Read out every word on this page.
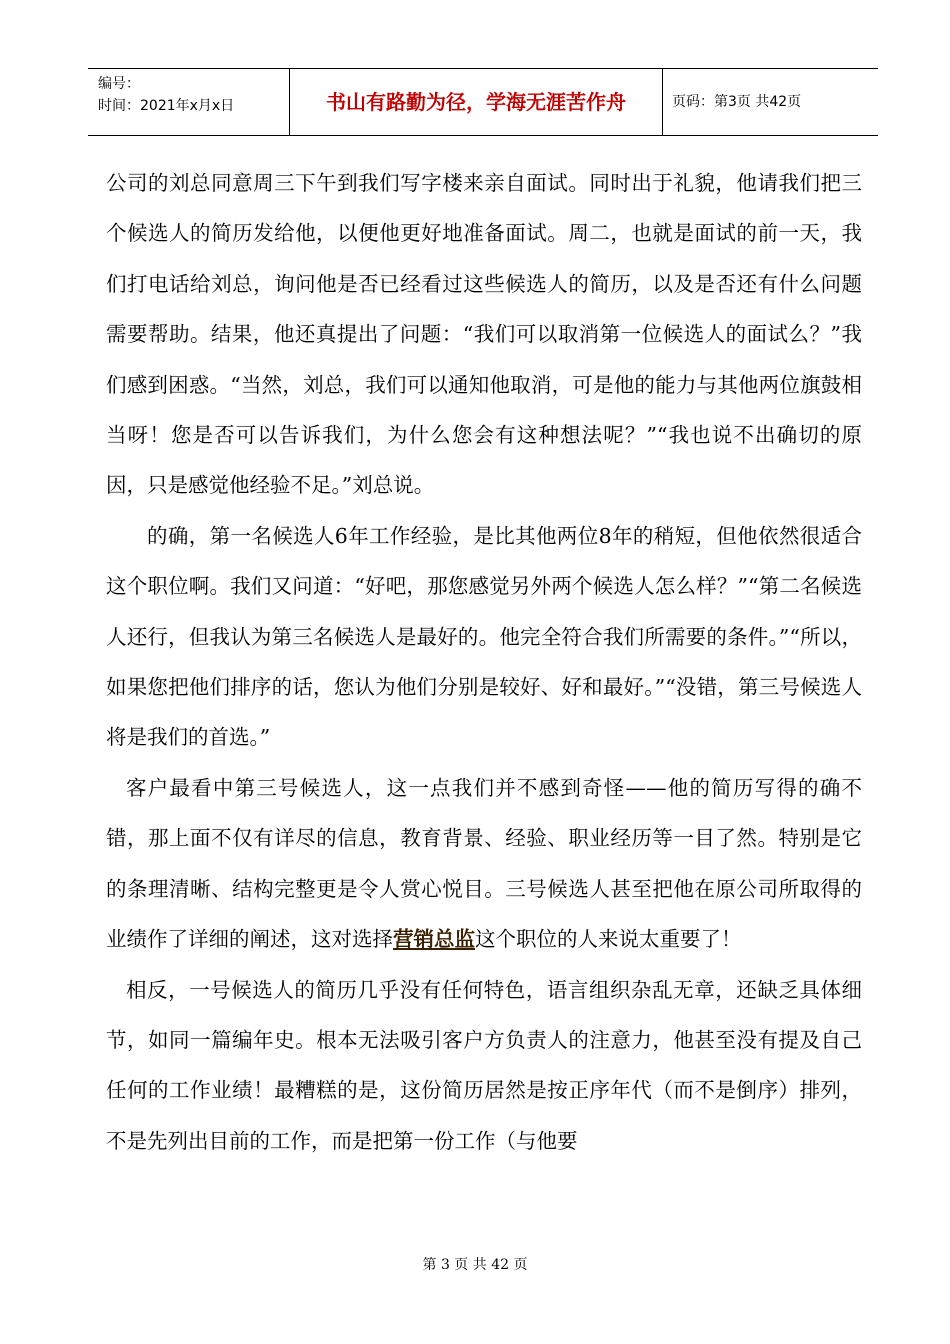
编号：
时间：2021年x月x日	书山有路勤为径，学海无涯苦作舟	页码：第3页 共42页

公司的刘总同意周三下午到我们写字楼来亲自面试。同时出于礼貌，他请我们把三个候选人的简历发给他，以便他更好地准备面试。周二，也就是面试的前一天，我们打电话给刘总，询问他是否已经看过这些候选人的简历，以及是否还有什么问题需要帮助。结果，他还真提出了问题：“我们可以取消第一位候选人的面试么？”我们感到困惑。“当然，刘总，我们可以通知他取消，可是他的能力与其他两位旗鼓相当呀！您是否可以告诉我们，为什么您会有这种想法呢？”“我也说不出确切的原因，只是感觉他经验不足。”刘总说。

的确，第一名候选人6年工作经验，是比其他两位8年的稍短，但他依然很适合这个职位啊。我们又问道：“好吧，那您感觉另外两个候选人怎么样？”“第二名候选人还行，但我认为第三名候选人是最好的。他完全符合我们所需要的条件。”“所以，如果您把他们排序的话，您认为他们分别是较好、好和最好。”“没错，第三号候选人将是我们的首选。”

客户最看中第三号候选人，这一点我们并不感到奇怪——他的简历写得的确不错，那上面不仅有详尽的信息，教育背景、经验、职业经历等一目了然。特别是它的条理清晰、结构完整更是令人赏心悦目。三号候选人甚至把他在原公司所取得的业绩作了详细的阐述，这对选择营销总监这个职位的人来说太重要了！

相反，一号候选人的简历几乎没有任何特色，语言组织杂乱无章，还缺乏具体细节，如同一篇编年史。根本无法吸引客户方负责人的注意力，他甚至没有提及自己任何的工作业绩！最糟糕的是，这份简历居然是按正序年代（而不是倒序）排列，不是先列出目前的工作，而是把第一份工作（与他要

第 3 页 共 42 页
